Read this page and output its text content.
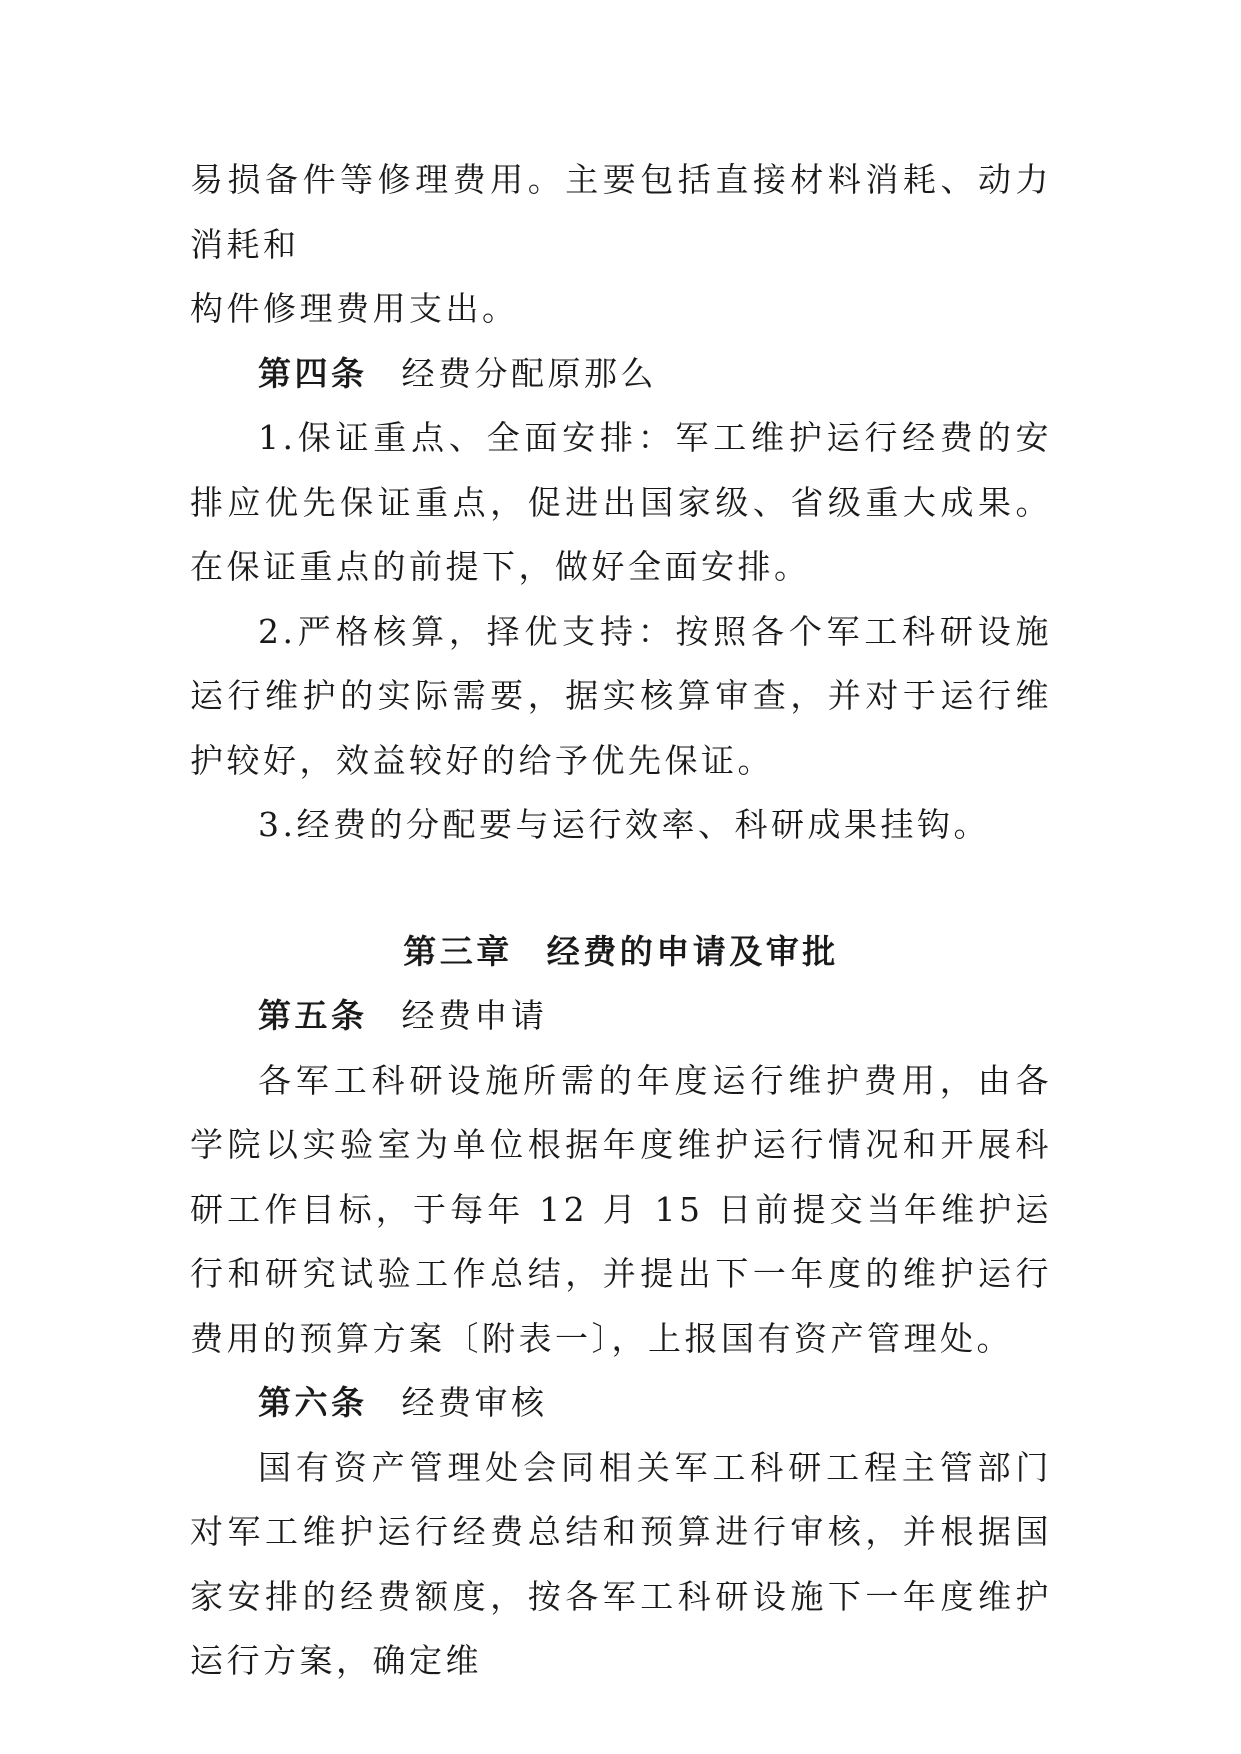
易损备件等修理费用。主要包括直接材料消耗、动力消耗和
构件修理费用支出。

第四条 经费分配原那么

1.保证重点、全面安排：军工维护运行经费的安排应优先保证重点，促进出国家级、省级重大成果。在保证重点的前提下，做好全面安排。

2.严格核算，择优支持：按照各个军工科研设施运行维护的实际需要，据实核算审查，并对于运行维护较好，效益较好的给予优先保证。

3.经费的分配要与运行效率、科研成果挂钩。

第三章 经费的申请及审批

第五条 经费申请

各军工科研设施所需的年度运行维护费用，由各学院以实验室为单位根据年度维护运行情况和开展科研工作目标，于每年 12 月 15 日前提交当年维护运行和研究试验工作总结，并提出下一年度的维护运行费用的预算方案〔附表一〕，上报国有资产管理处。

第六条 经费审核

国有资产管理处会同相关军工科研工程主管部门对军工维护运行经费总结和预算进行审核，并根据国家安排的经费额度，按各军工科研设施下一年度维护运行方案，确定维
